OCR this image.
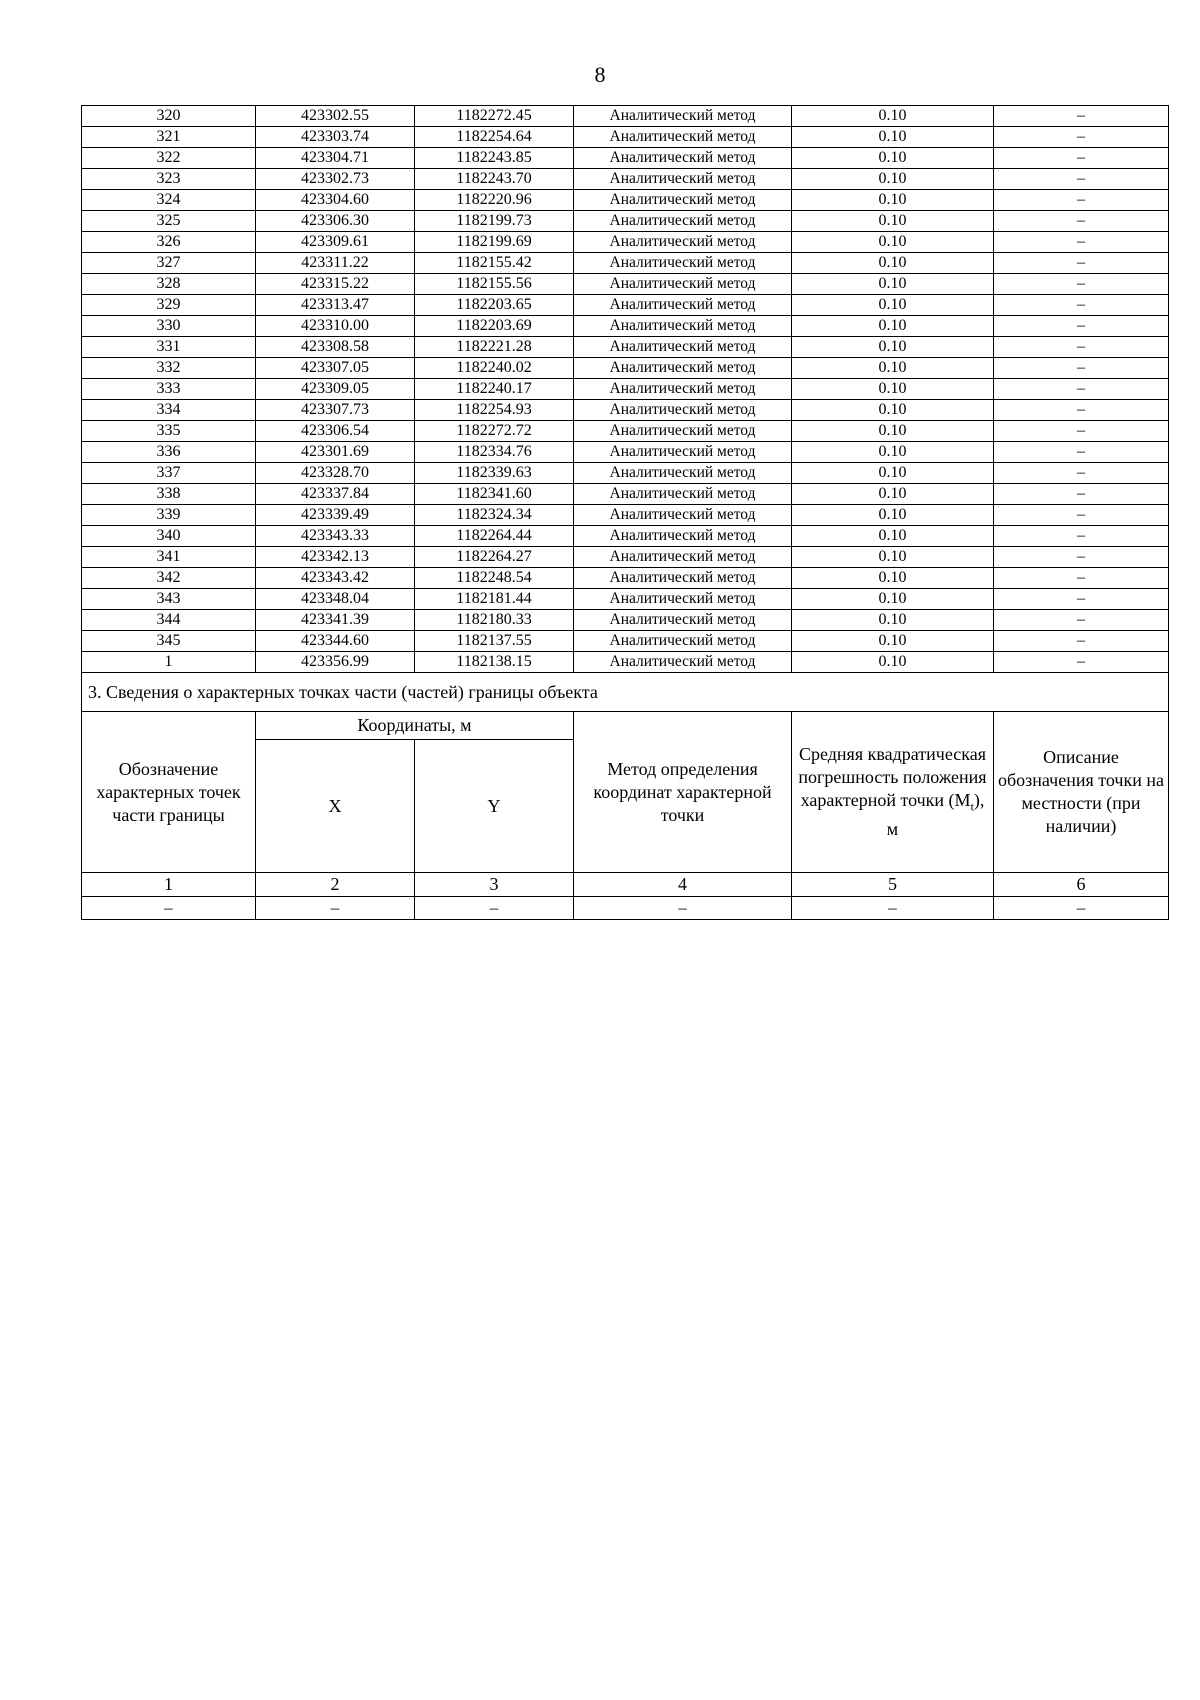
8
320	423302.55	1182272.45	Аналитический метод	0.10	–
321	423303.74	1182254.64	Аналитический метод	0.10	–
322	423304.71	1182243.85	Аналитический метод	0.10	–
323	423302.73	1182243.70	Аналитический метод	0.10	–
324	423304.60	1182220.96	Аналитический метод	0.10	–
325	423306.30	1182199.73	Аналитический метод	0.10	–
326	423309.61	1182199.69	Аналитический метод	0.10	–
327	423311.22	1182155.42	Аналитический метод	0.10	–
328	423315.22	1182155.56	Аналитический метод	0.10	–
329	423313.47	1182203.65	Аналитический метод	0.10	–
330	423310.00	1182203.69	Аналитический метод	0.10	–
331	423308.58	1182221.28	Аналитический метод	0.10	–
332	423307.05	1182240.02	Аналитический метод	0.10	–
333	423309.05	1182240.17	Аналитический метод	0.10	–
334	423307.73	1182254.93	Аналитический метод	0.10	–
335	423306.54	1182272.72	Аналитический метод	0.10	–
336	423301.69	1182334.76	Аналитический метод	0.10	–
337	423328.70	1182339.63	Аналитический метод	0.10	–
338	423337.84	1182341.60	Аналитический метод	0.10	–
339	423339.49	1182324.34	Аналитический метод	0.10	–
340	423343.33	1182264.44	Аналитический метод	0.10	–
341	423342.13	1182264.27	Аналитический метод	0.10	–
342	423343.42	1182248.54	Аналитический метод	0.10	–
343	423348.04	1182181.44	Аналитический метод	0.10	–
344	423341.39	1182180.33	Аналитический метод	0.10	–
345	423344.60	1182137.55	Аналитический метод	0.10	–
1	423356.99	1182138.15	Аналитический метод	0.10	–
3. Сведения о характерных точках части (частей) границы объекта					
Обозначение характерных точек части границы	Координаты, м		Метод определения координат характерной точки	Средняя квадратическая погрешность положения характерной точки $(M_t)$, м	Описание обозначения точки на местности (при наличии)
	X	Y			
1	2	3	4	5	6
–	–	–	–	–	–
